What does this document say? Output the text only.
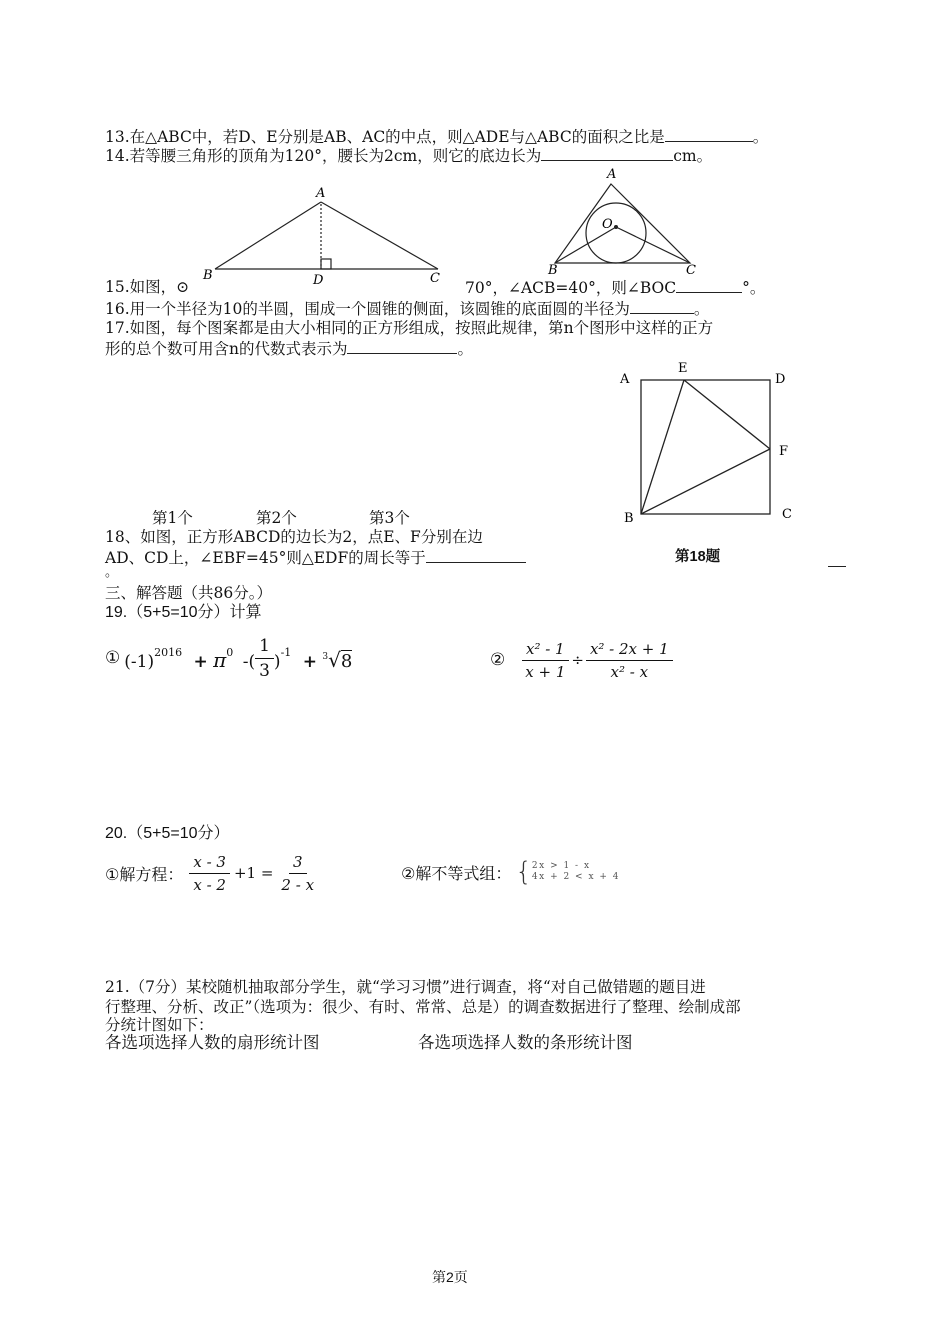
13.在△ABC中，若D、E分别是AB、AC的中点，则△ADE与△ABC的面积之比是	。
14.若等腰三角形的顶角为120°，腰长为2cm，则它的底边长为	cm。
A
B	D	C
A
O
B	C
15.如图，⊙	70°，∠ACB=40°，则∠BOC	°。
16.用一个半径为10的半圆，围成一个圆锥的侧面，该圆锥的底面圆的半径为	。
17.如图，每个图案都是由大小相同的正方形组成，按照此规律，第n个图形中这样的正方
形的总个数可用含n的代数式表示为	。
A
E
D
F
B	C
第1个	第2个	第3个
18、如图，正方形ABCD的边长为2，点E、F分别在边
AD、CD上，∠EBF=45°则△EDF的周长等于	第18题
。
三、解答题（共86分。）
19.（5+5=10分）计算
① $(-1)^{2016} + \pi^0$ -( $\frac{1}{3} )^{-1} + ^3√8$	② $\frac{\text{x² - 1}}{x + 1} \div \frac{\text{x² - 2x + 1}}{\text{x² - x}}$
20.（5+5=10分）
①解方程： $\frac{x - 3}{x - 2} +1 = \frac{3}{2 - x}$	②解不等式组： { 2x > 1 - x
4x + 2 < x + 4
21.（7分）某校随机抽取部分学生，就“学习习惯”进行调查，将“对自己做错题的题目进
行整理、分析、改正”（选项为：很少、有时、常常、总是）的调查数据进行了整理、绘制成部
分统计图如下：
各选项选择人数的扇形统计图	各选项选择人数的条形统计图
第2页
